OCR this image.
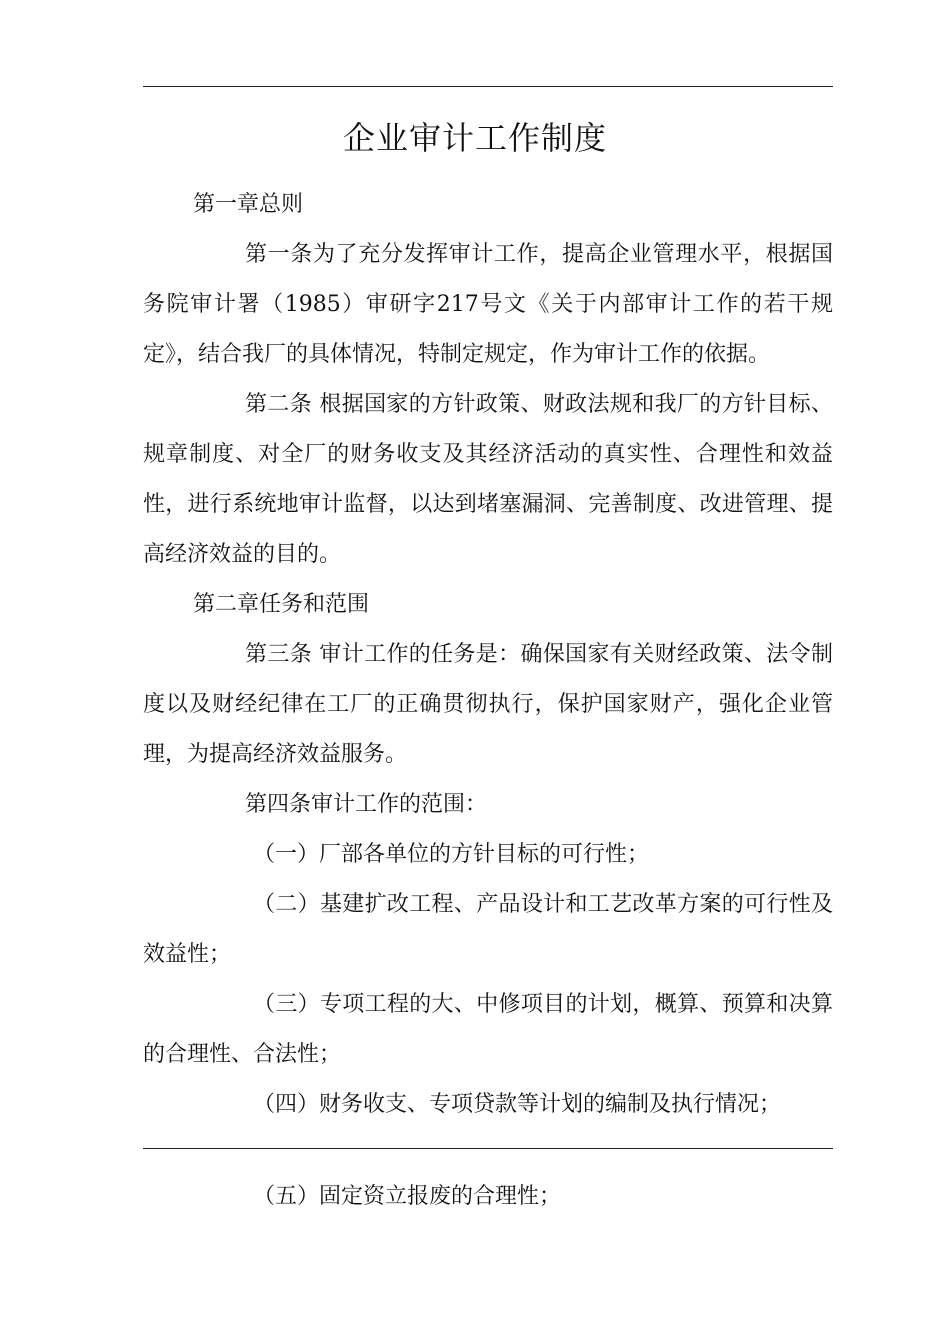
企业审计工作制度

第一章总则

第一条为了充分发挥审计工作，提高企业管理水平，根据国务院审计署（1985）审研字217号文《关于内部审计工作的若干规定》，结合我厂的具体情况，特制定规定，作为审计工作的依据。

第二条 根据国家的方针政策、财政法规和我厂的方针目标、规章制度、对全厂的财务收支及其经济活动的真实性、合理性和效益性，进行系统地审计监督，以达到堵塞漏洞、完善制度、改进管理、提高经济效益的目的。

第二章任务和范围

第三条 审计工作的任务是：确保国家有关财经政策、法令制度以及财经纪律在工厂的正确贯彻执行，保护国家财产，强化企业管理，为提高经济效益服务。

第四条审计工作的范围：

（一）厂部各单位的方针目标的可行性；

（二）基建扩改工程、产品设计和工艺改革方案的可行性及效益性；

（三）专项工程的大、中修项目的计划，概算、预算和决算的合理性、合法性；

（四）财务收支、专项贷款等计划的编制及执行情况；

（五）固定资立报废的合理性；
